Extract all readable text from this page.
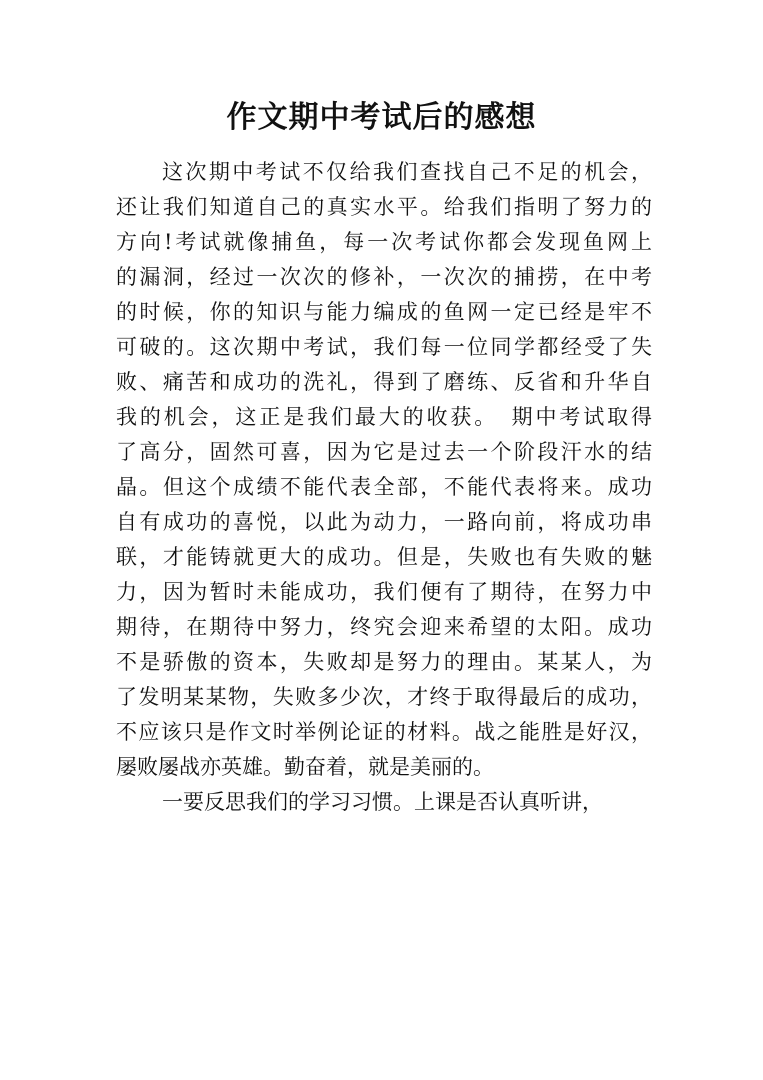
作文期中考试后的感想
这次期中考试不仅给我们查找自己不足的机会，
还让我们知道自己的真实水平。给我们指明了努力的
方向!考试就像捕鱼，每一次考试你都会发现鱼网上
的漏洞，经过一次次的修补，一次次的捕捞，在中考
的时候，你的知识与能力编成的鱼网一定已经是牢不
可破的。这次期中考试，我们每一位同学都经受了失
败、痛苦和成功的洗礼，得到了磨练、反省和升华自
我的机会，这正是我们最大的收获。　期中考试取得
了高分，固然可喜，因为它是过去一个阶段汗水的结
晶。但这个成绩不能代表全部，不能代表将来。成功
自有成功的喜悦，以此为动力，一路向前，将成功串
联，才能铸就更大的成功。但是，失败也有失败的魅
力，因为暂时未能成功，我们便有了期待，在努力中
期待，在期待中努力，终究会迎来希望的太阳。成功
不是骄傲的资本，失败却是努力的理由。某某人，为
了发明某某物，失败多少次，才终于取得最后的成功，
不应该只是作文时举例论证的材料。战之能胜是好汉，
屡败屡战亦英雄。勤奋着，就是美丽的。
一要反思我们的学习习惯。上课是否认真听讲，
